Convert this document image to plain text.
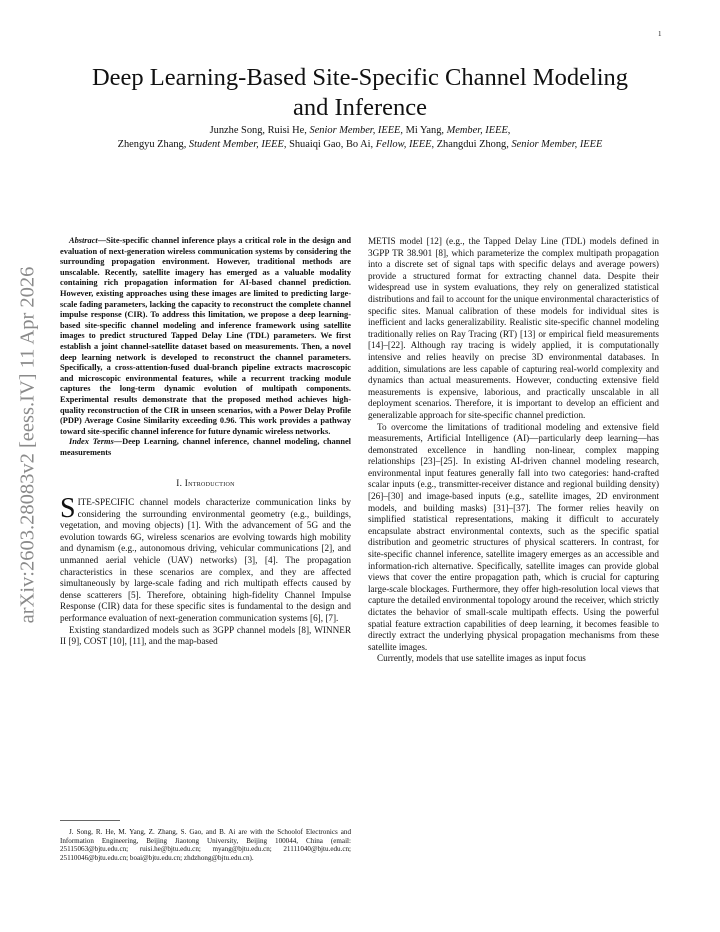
1
Deep Learning-Based Site-Specific Channel Modeling and Inference
Junzhe Song, Ruisi He, Senior Member, IEEE, Mi Yang, Member, IEEE,
Zhengyu Zhang, Student Member, IEEE, Shuaiqi Gao, Bo Ai, Fellow, IEEE, Zhangdui Zhong, Senior Member, IEEE
arXiv:2603.28083v2 [eess.IV] 11 Apr 2026

Abstract—Site-specific channel inference plays a critical role in the design and evaluation of next-generation wireless communication systems by considering the surrounding propagation environment. However, traditional methods are unscalable. Recently, satellite imagery has emerged as a valuable modality containing rich propagation information for AI-based channel prediction. However, existing approaches using these images are limited to predicting large-scale fading parameters, lacking the capacity to reconstruct the complete channel impulse response (CIR). To address this limitation, we propose a deep learning-based site-specific channel modeling and inference framework using satellite images to predict structured Tapped Delay Line (TDL) parameters. We first establish a joint channel-satellite dataset based on measurements. Then, a novel deep learning network is developed to reconstruct the channel parameters. Specifically, a cross-attention-fused dual-branch pipeline extracts macroscopic and microscopic environmental features, while a recurrent tracking module captures the long-term dynamic evolution of multipath components. Experimental results demonstrate that the proposed method achieves high-quality reconstruction of the CIR in unseen scenarios, with a Power Delay Profile (PDP) Average Cosine Similarity exceeding 0.96. This work provides a pathway toward site-specific channel inference for future dynamic wireless networks.

Index Terms—Deep Learning, channel inference, channel modeling, channel measurements

I. Introduction

SITE-SPECIFIC channel models characterize communication links by considering the surrounding environmental geometry (e.g., buildings, vegetation, and moving objects) [1]. With the advancement of 5G and the evolution towards 6G, wireless scenarios are evolving towards high mobility and dynamism (e.g., autonomous driving, vehicular communications [2], and unmanned aerial vehicle (UAV) networks) [3], [4]. The propagation characteristics in these scenarios are complex, and they are affected simultaneously by large-scale fading and rich multipath effects caused by dense scatterers [5]. Therefore, obtaining high-fidelity Channel Impulse Response (CIR) data for these specific sites is fundamental to the design and performance evaluation of next-generation communication systems [6], [7].

Existing standardized models such as 3GPP channel models [8], WINNER II [9], COST [10], [11], and the map-based

J. Song, R. He, M. Yang, Z. Zhang, S. Gao, and B. Ai are with the Schoolof Electronics and Information Engineering, Beijing Jiaotong University, Beijing 100044, China (email: 25115063@bjtu.edu.cn; ruisi.he@bjtu.edu.cn; myang@bjtu.edu.cn; 21111040@bjtu.edu.cn; 25110046@bjtu.edu.cn; boai@bjtu.edu.cn; zhdzhong@bjtu.edu.cn).

METIS model [12] (e.g., the Tapped Delay Line (TDL) models defined in 3GPP TR 38.901 [8], which parameterize the complex multipath propagation into a discrete set of signal taps with specific delays and average powers) provide a structured format for extracting channel data. Despite their widespread use in system evaluations, they rely on generalized statistical distributions and fail to account for the unique environmental characteristics of specific sites. Manual calibration of these models for individual sites is inefficient and lacks generalizability. Realistic site-specific channel modeling traditionally relies on Ray Tracing (RT) [13] or empirical field measurements [14]–[22]. Although ray tracing is widely applied, it is computationally intensive and relies heavily on precise 3D environmental databases. In addition, simulations are less capable of capturing real-world complexity and dynamics than actual measurements. However, conducting extensive field measurements is expensive, laborious, and practically unscalable in all deployment scenarios. Therefore, it is important to develop an efficient and generalizable approach for site-specific channel prediction.

To overcome the limitations of traditional modeling and extensive field measurements, Artificial Intelligence (AI)—particularly deep learning—has demonstrated excellence in handling non-linear, complex mapping relationships [23]–[25]. In existing AI-driven channel modeling research, environmental input features generally fall into two categories: hand-crafted scalar inputs (e.g., transmitter-receiver distance and regional building density) [26]–[30] and image-based inputs (e.g., satellite images, 2D environment models, and building masks) [31]–[37]. The former relies heavily on simplified statistical representations, making it difficult to accurately encapsulate abstract environmental contexts, such as the specific spatial distribution and geometric structures of physical scatterers. In contrast, for site-specific channel inference, satellite imagery emerges as an accessible and information-rich alternative. Specifically, satellite images can provide global views that cover the entire propagation path, which is crucial for capturing large-scale blockages. Furthermore, they offer high-resolution local views that capture the detailed environmental topology around the receiver, which strictly dictates the behavior of small-scale multipath effects. Using the powerful spatial feature extraction capabilities of deep learning, it becomes feasible to directly extract the underlying physical propagation mechanisms from these satellite images.

Currently, models that use satellite images as input focus
